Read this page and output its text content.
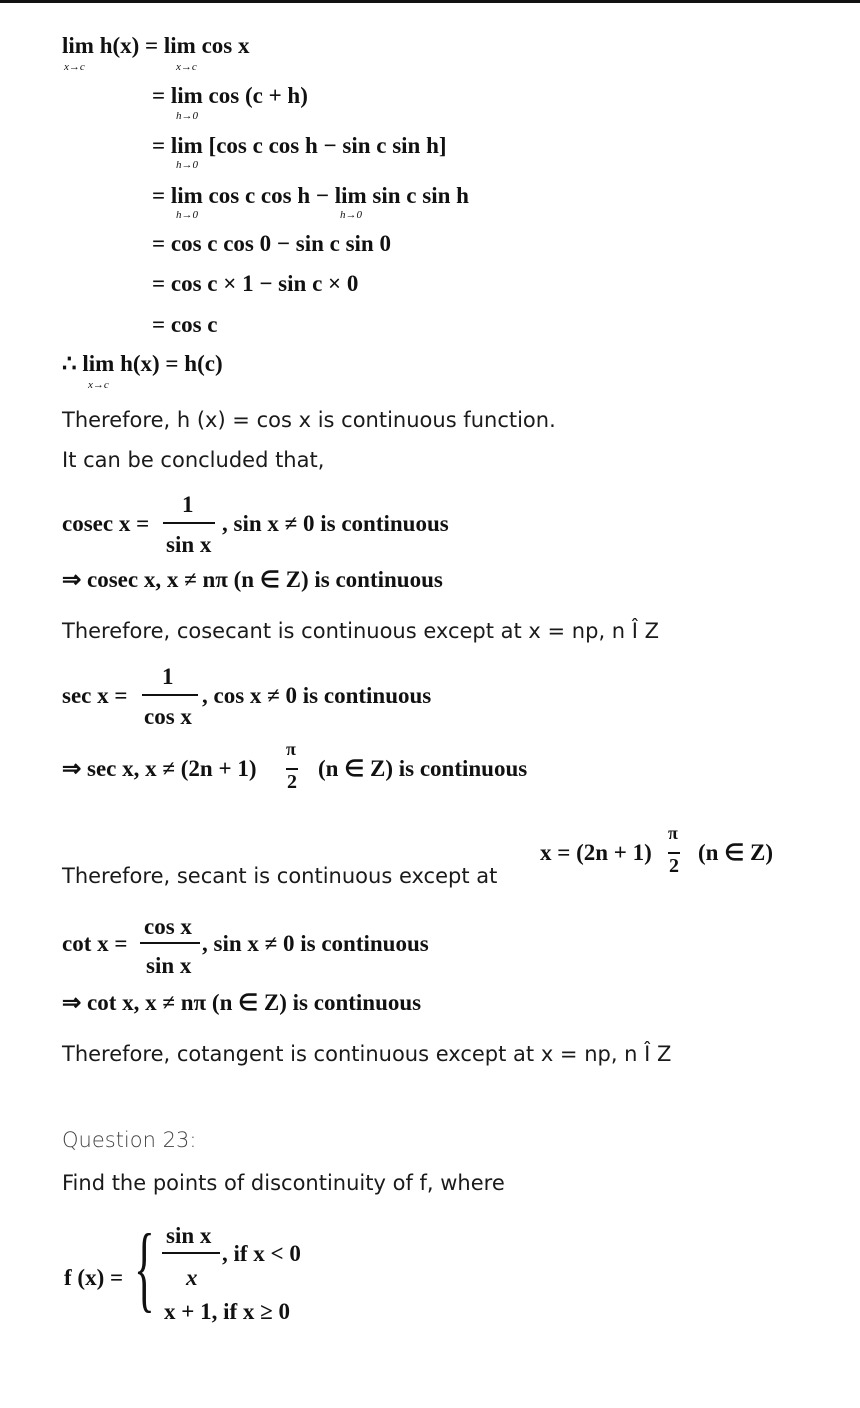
lim h(x) = lim cos x
x→c	x→c
= lim cos (c + h)
h→0
= lim [cos c cos h − sin c sin h]
h→0
= lim cos c cos h − lim sin c sin h
h→0	h→0
= cos c cos 0 − sin c sin 0
= cos c × 1 − sin c × 0
= cos c
∴ lim h(x) = h(c)
x→c
Therefore, h (x) = cos x is continuous function.
It can be concluded that,
cosec x =
1
sin x
, sin x ≠ 0 is continuous
⇒ cosec x, x ≠ nπ (n ∈ Z) is continuous
Therefore, cosecant is continuous except at x = np, n Î Z
sec x =
1
cos x
, cos x ≠ 0 is continuous
⇒ sec x, x ≠ (2n + 1)
π
2
(n ∈ Z) is continuous
Therefore, secant is continuous except at
x = (2n + 1)
π
2
(n ∈ Z)
cot x =
cos x
sin x
, sin x ≠ 0 is continuous
⇒ cot x, x ≠ nπ (n ∈ Z) is continuous
Therefore, cotangent is continuous except at x = np, n Î Z
Question 23:
Find the points of discontinuity of f, where
f (x) = { sin x
x
, if x < 0
x + 1, if x ≥ 0
